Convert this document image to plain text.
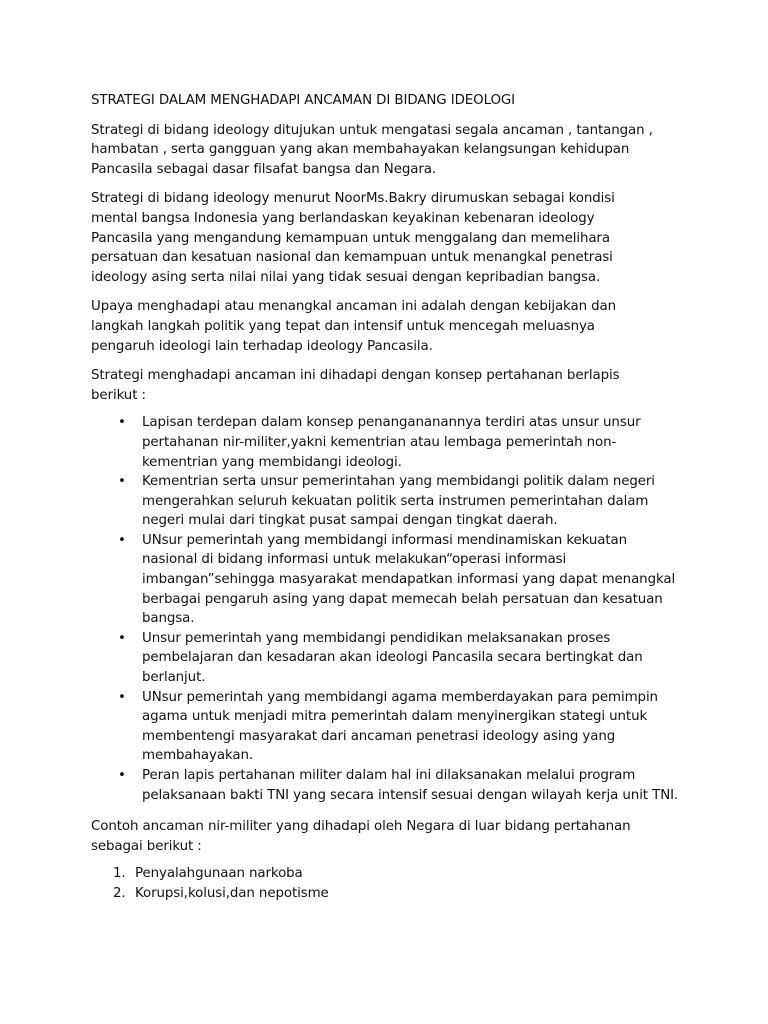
STRATEGI DALAM MENGHADAPI ANCAMAN DI BIDANG IDEOLOGI

Strategi di bidang ideology ditujukan untuk mengatasi segala ancaman , tantangan , hambatan , serta gangguan yang akan membahayakan kelangsungan kehidupan Pancasila sebagai dasar filsafat bangsa dan Negara.

Strategi di bidang ideology menurut NoorMs.Bakry dirumuskan sebagai kondisi mental bangsa Indonesia yang berlandaskan keyakinan kebenaran ideology Pancasila yang mengandung kemampuan untuk menggalang dan memelihara persatuan dan kesatuan nasional dan kemampuan untuk menangkal penetrasi ideology asing serta nilai nilai yang tidak sesuai dengan kepribadian bangsa.

Upaya menghadapi atau menangkal ancaman ini adalah dengan kebijakan dan langkah langkah politik yang tepat dan intensif untuk mencegah meluasnya pengaruh ideologi lain terhadap ideology Pancasila.

Strategi menghadapi ancaman ini dihadapi dengan konsep pertahanan berlapis berikut :

• Lapisan terdepan dalam konsep penangananannya terdiri atas unsur unsur pertahanan nir-militer,yakni kementrian atau lembaga pemerintah non-kementrian yang membidangi ideologi.
• Kementrian serta unsur pemerintahan yang membidangi politik dalam negeri mengerahkan seluruh kekuatan politik serta instrumen pemerintahan dalam negeri mulai dari tingkat pusat sampai dengan tingkat daerah.
• UNsur pemerintah yang membidangi informasi mendinamiskan kekuatan nasional di bidang informasi untuk melakukan“operasi informasi imbangan”sehingga masyarakat mendapatkan informasi yang dapat menangkal berbagai pengaruh asing yang dapat memecah belah persatuan dan kesatuan bangsa.
• Unsur pemerintah yang membidangi pendidikan melaksanakan proses pembelajaran dan kesadaran akan ideologi Pancasila secara bertingkat dan berlanjut.
• UNsur pemerintah yang membidangi agama memberdayakan para pemimpin agama untuk menjadi mitra pemerintah dalam menyinergikan stategi untuk membentengi masyarakat dari ancaman penetrasi ideology asing yang membahayakan.
• Peran lapis pertahanan militer dalam hal ini dilaksanakan melalui program pelaksanaan bakti TNI yang secara intensif sesuai dengan wilayah kerja unit TNI.

Contoh ancaman nir-militer yang dihadapi oleh Negara di luar bidang pertahanan sebagai berikut :

1. Penyalahgunaan narkoba
2. Korupsi,kolusi,dan nepotisme
